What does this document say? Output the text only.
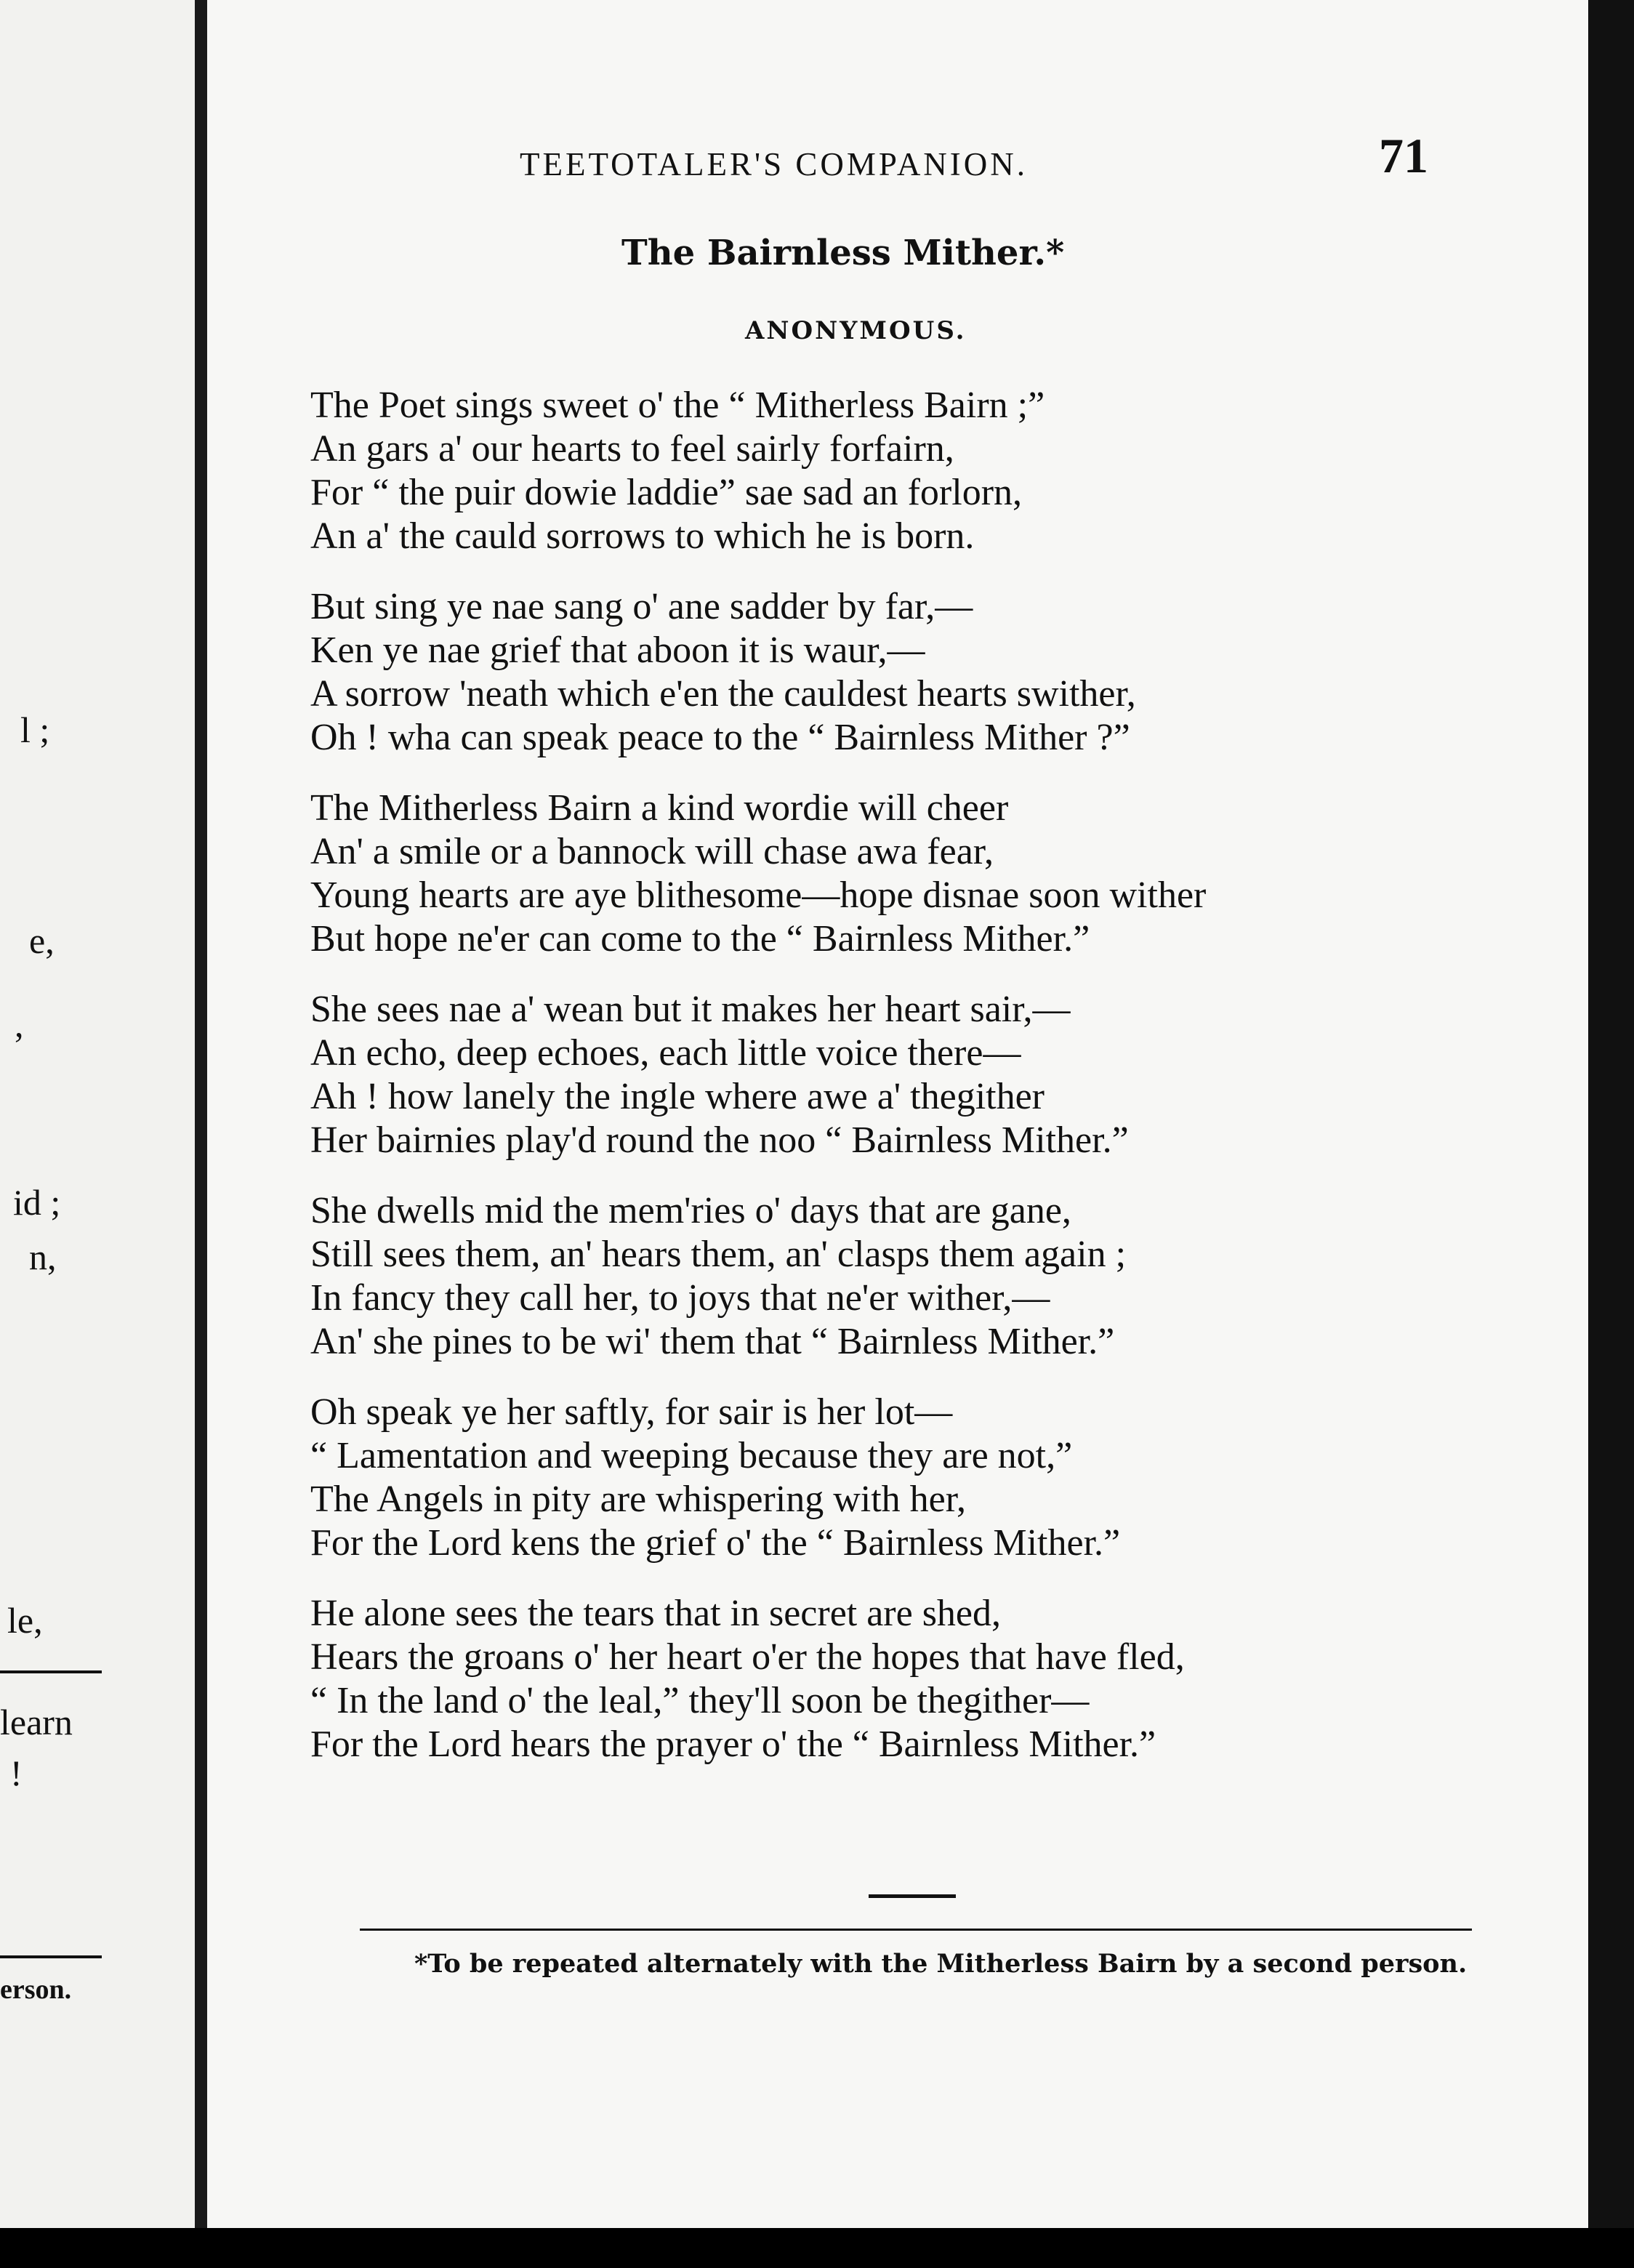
l ;
e,
,
id ;
n,
le,
learn
!
erson.
TEETOTALER'S COMPANION.	71
The Bairnless Mither.*
ANONYMOUS.
The Poet sings sweet o' the “ Mitherless Bairn ;”
An gars a' our hearts to feel sairly forfairn,
For “ the puir dowie laddie” sae sad an forlorn,
An a' the cauld sorrows to which he is born.
But sing ye nae sang o' ane sadder by far,—
Ken ye nae grief that aboon it is waur,—
A sorrow 'neath which e'en the cauldest hearts swither,
Oh ! wha can speak peace to the “ Bairnless Mither ?”
The Mitherless Bairn a kind wordie will cheer
An' a smile or a bannock will chase awa fear,
Young hearts are aye blithesome—hope disnae soon wither
But hope ne'er can come to the “ Bairnless Mither.”
She sees nae a' wean but it makes her heart sair,—
An echo, deep echoes, each little voice there—
Ah ! how lanely the ingle where awe a' thegither
Her bairnies play'd round the noo “ Bairnless Mither.”
She dwells mid the mem'ries o' days that are gane,
Still sees them, an' hears them, an' clasps them again ;
In fancy they call her, to joys that ne'er wither,—
An' she pines to be wi' them that “ Bairnless Mither.”
Oh speak ye her saftly, for sair is her lot—
“ Lamentation and weeping because they are not,”
The Angels in pity are whispering with her,
For the Lord kens the grief o' the “ Bairnless Mither.”
He alone sees the tears that in secret are shed,
Hears the groans o' her heart o'er the hopes that have fled,
“ In the land o' the leal,” they'll soon be thegither—
For the Lord hears the prayer o' the “ Bairnless Mither.”
*To be repeated alternately with the Mitherless Bairn by a second person.
